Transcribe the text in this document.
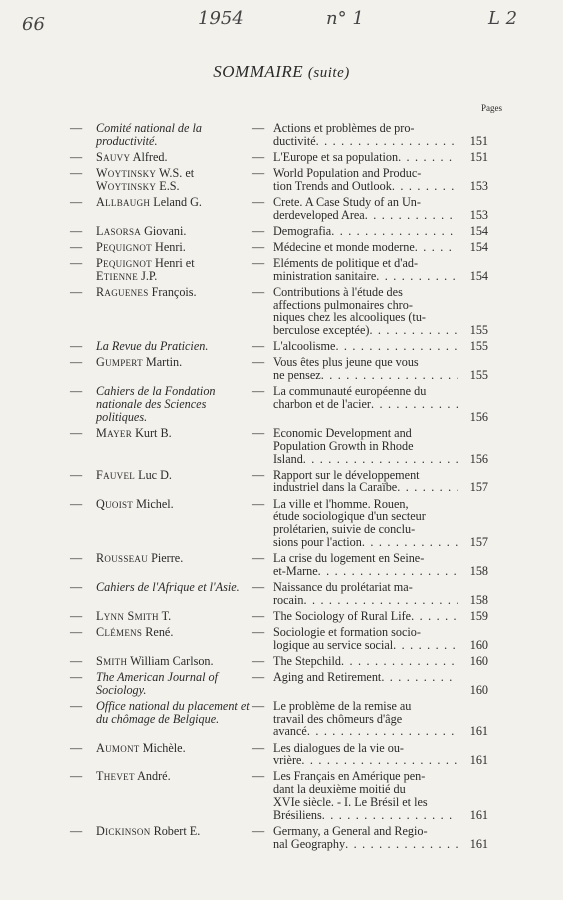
66	1954	n° 1	L 2
SOMMAIRE (suite)
Pages
—	Comité national de la productivité.
— Actions et problèmes de pro-
ductivité . . .	151
—	Sauvy Alfred.	— L'Europe et sa population
. . .	151
—	Woytinsky W.S. et
Woytinsky E.S.
— World Population and Produc-
tion Trends and Outlook . . .	153
—	Allbaugh Leland G.	— Crete. A Case Study of an Un-
derdeveloped Area . . .	153
—	Lasorsa Giovani.	— Demografia
. . .	154
—	Pequignot Henri.	— Médecine et monde moderne
. . .	154
—	Pequignot Henri et
Etienne J.P.
— Eléments de politique et d'ad-
ministration sanitaire . . .	154
—	Raguenes François.	— Contributions à l'étude des
affections pulmonaires chro-
niques chez les alcooliques (tu-
berculose exceptée) . . .	155
—	La Revue du Praticien.	— L'alcoolisme
. . .	155
—	Gumpert Martin.	— Vous êtes plus jeune que vous
ne pensez . . .	155
—	Cahiers de la Fondation nationale des Sciences politiques.
— La communauté européenne du
charbon et de l'acier
. . .
156
—	Mayer Kurt B.	— Economic Development and
Population Growth in Rhode
Island . . .	156
—	Fauvel Luc D.	— Rapport sur le développement
industriel dans la Caraïbe . . .	157
—	Quoist Michel.	— La ville et l'homme. Rouen,
étude sociologique d'un secteur
prolétarien, suivie de conclu-
sions pour l'action . . .	157
—	Rousseau Pierre.	— La crise du logement en Seine-
et-Marne . . .	158
—	Cahiers de l'Afrique et l'Asie.	— Naissance du prolétariat ma-
rocain . . .	158
—	Lynn Smith T.	— The Sociology of Rural Life
. . .	159
—	Clémens René.	— Sociologie et formation socio-
logique au service social . . .	160
—	Smith William Carlson.	— The Stepchild
. . .	160
—	The American Journal of Sociology.
— Aging and Retirement
. . .
160
—	Office national du placement et du chômage de Belgique.
— Le problème de la remise au
travail des chômeurs d'âge
avancé . . .	161
—	Aumont Michèle.	— Les dialogues de la vie ou-
vrière . . .	161
—	Thevet André.	— Les Français en Amérique pen-
dant la deuxième moitié du
XVIe siècle. - I. Le Brésil et les
Brésiliens . . .	161
—	Dickinson Robert E.	— Germany, a General and Regio-
nal Geography . . .	161
